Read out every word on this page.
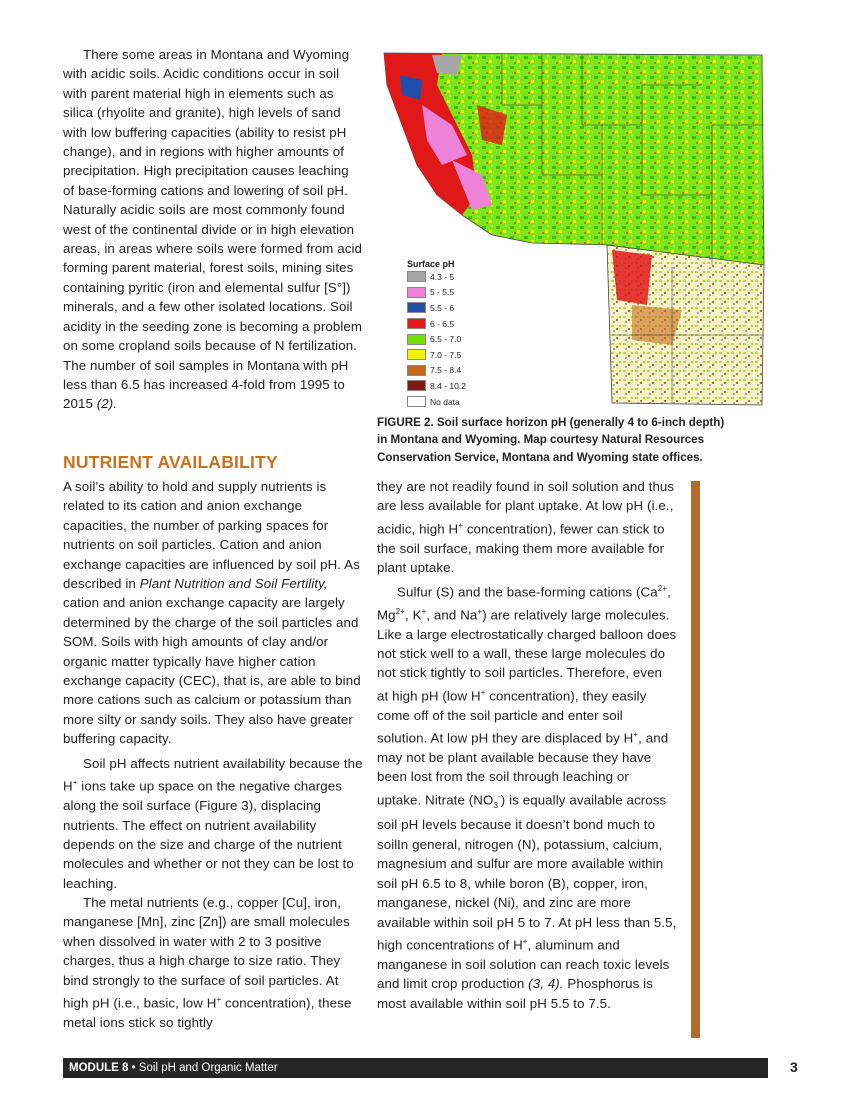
There some areas in Montana and Wyoming with acidic soils. Acidic conditions occur in soil with parent material high in elements such as silica (rhyolite and granite), high levels of sand with low buffering capacities (ability to resist pH change), and in regions with higher amounts of precipitation. High precipitation causes leaching of base-forming cations and lowering of soil pH. Naturally acidic soils are most commonly found west of the continental divide or in high elevation areas, in areas where soils were formed from acid forming parent material, forest soils, mining sites containing pyritic (iron and elemental sulfur [S°]) minerals, and a few other isolated locations. Soil acidity in the seeding zone is becoming a problem on some cropland soils because of N fertilization. The number of soil samples in Montana with pH less than 6.5 has increased 4-fold from 1995 to 2015 (2).

Surface pH
4.3 - 5
5 - 5.5
5.5 - 6
6 - 6.5
6.5 - 7.0
7.0 - 7.5
7.5 - 8.4
8.4 - 10.2
No data

FIGURE 2. Soil surface horizon pH (generally 4 to 6-inch depth) in Montana and Wyoming. Map courtesy Natural Resources Conservation Service, Montana and Wyoming state offices.

NUTRIENT AVAILABILITY

A soil’s ability to hold and supply nutrients is related to its cation and anion exchange capacities, the number of parking spaces for nutrients on soil particles. Cation and anion exchange capacities are influenced by soil pH. As described in Plant Nutrition and Soil Fertility, cation and anion exchange capacity are largely determined by the charge of the soil particles and SOM. Soils with high amounts of clay and/or organic matter typically have higher cation exchange capacity (CEC), that is, are able to bind more cations such as calcium or potassium than more silty or sandy soils. They also have greater buffering capacity.

Soil pH affects nutrient availability because the H+ ions take up space on the negative charges along the soil surface (Figure 3), displacing nutrients. The effect on nutrient availability depends on the size and charge of the nutrient molecules and whether or not they can be lost to leaching.

The metal nutrients (e.g., copper [Cu], iron, manganese [Mn], zinc [Zn]) are small molecules when dissolved in water with 2 to 3 positive charges, thus a high charge to size ratio. They bind strongly to the surface of soil particles. At high pH (i.e., basic, low H+ concentration), these metal ions stick so tightly

they are not readily found in soil solution and thus are less available for plant uptake. At low pH (i.e., acidic, high H+ concentration), fewer can stick to the soil surface, making them more available for plant uptake.

Sulfur (S) and the base-forming cations ($Ca^{2+}$, $Mg^{2+}$, K+, and Na+) are relatively large molecules. Like a large electrostatically charged balloon does not stick well to a wall, these large molecules do not stick tightly to soil particles. Therefore, even at high pH (low H+ concentration), they easily come off of the soil particle and enter soil solution. At low pH they are displaced by H+, and may not be plant available because they have been lost from the soil through leaching or uptake. Nitrate $(NO_3^-)$ is equally available across soil pH levels because it doesn’t bond much to soil.

In general, nitrogen (N), potassium, calcium, magnesium and sulfur are more available within soil pH 6.5 to 8, while boron (B), copper, iron, manganese, nickel (Ni), and zinc are more available within soil pH 5 to 7. At pH less than 5.5, high concentrations of H+, aluminum and manganese in soil solution can reach toxic levels and limit crop production (3, 4). Phosphorus is most available within soil pH 5.5 to 7.5.

MODULE 8 • Soil pH and Organic Matter	3
